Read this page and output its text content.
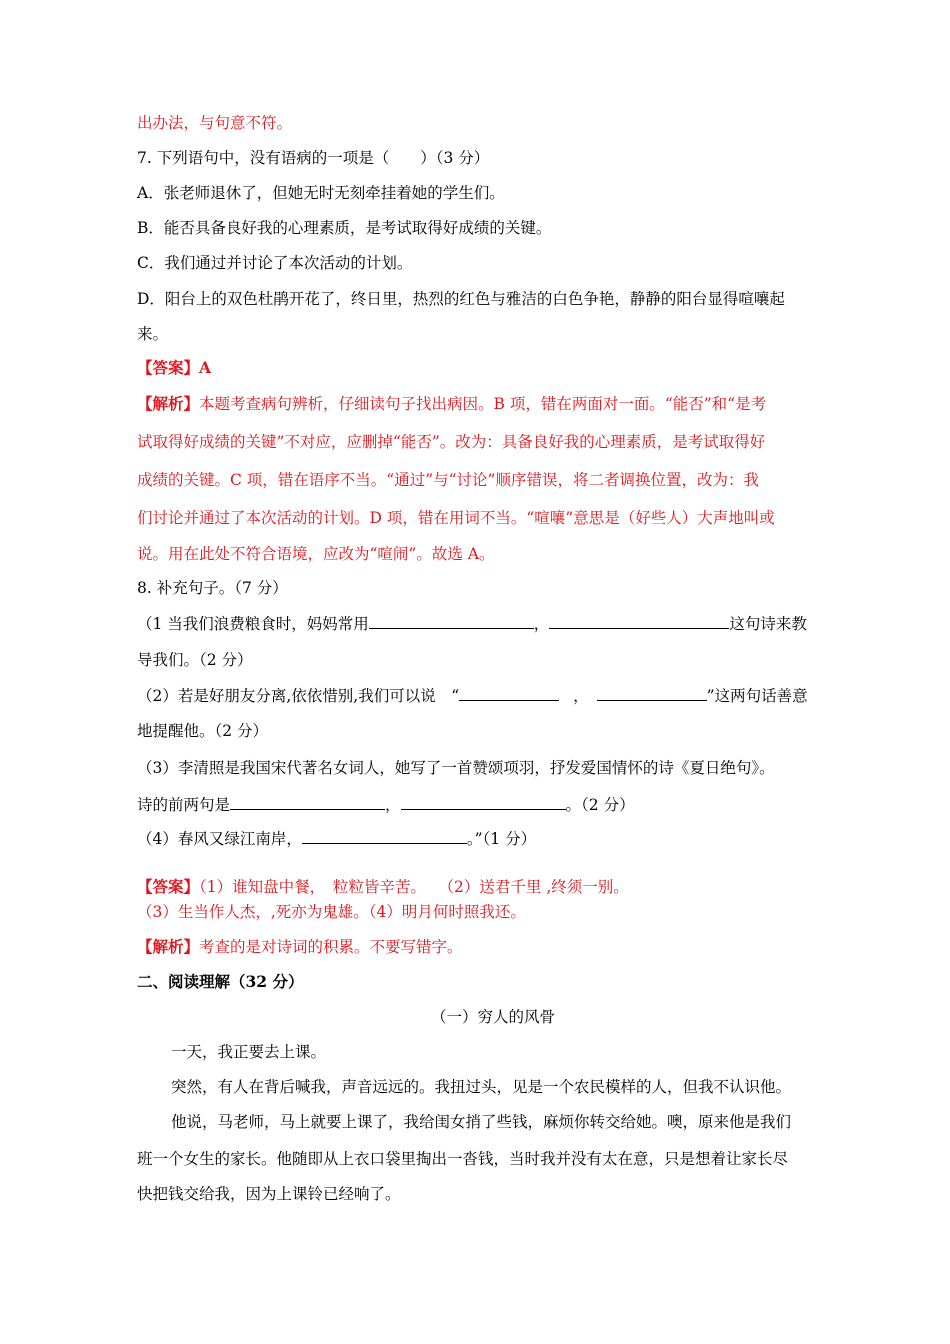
出办法，与句意不符。
7. 下列语句中，没有语病的一项是（　　）（3 分）
A．张老师退休了，但她无时无刻牵挂着她的学生们。
B．能否具备良好我的心理素质，是考试取得好成绩的关键。
C．我们通过并讨论了本次活动的计划。
D．阳台上的双色杜鹃开花了，终日里，热烈的红色与雅洁的白色争艳，静静的阳台显得喧嚷起
来。
【答案】A
【解析】本题考查病句辨析，仔细读句子找出病因。B 项，错在两面对一面。“能否”和“是考
试取得好成绩的关键”不对应，应删掉“能否”。改为：具备良好我的心理素质，是考试取得好
成绩的关键。C 项，错在语序不当。“通过”与“讨论”顺序错误，将二者调换位置，改为：我
们讨论并通过了本次活动的计划。D 项，错在用词不当。“喧嚷”意思是（好些人）大声地叫或
说。用在此处不符合语境，应改为“喧闹”。故选 A。
8. 补充句子。（7 分）
（1 当我们浪费粮食时，妈妈常用	，	这句诗来教
导我们。（2 分）
（2）若是好朋友分离,依依惜别,我们可以说　“	，	”这两句话善意
地提醒他。（2 分）
（3）李清照是我国宋代著名女词人，她写了一首赞颂项羽，抒发爱国情怀的诗《夏日绝句》。
诗的前两句是	，	。（2 分）
（4）春风又绿江南岸，	。”（1 分）
【答案】（1）谁知盘中餐，　粒粒皆辛苦。　 （2）送君千里 ,终须一别。
（3）生当作人杰，,死亦为鬼雄。（4）明月何时照我还。
【解析】考查的是对诗词的积累。不要写错字。
二、阅读理解（32 分）
（一）穷人的风骨
一天，我正要去上课。
突然，有人在背后喊我，声音远远的。我扭过头，见是一个农民模样的人，但我不认识他。
他说，马老师，马上就要上课了，我给闺女捎了些钱，麻烦你转交给她。噢，原来他是我们
班一个女生的家长。他随即从上衣口袋里掏出一沓钱，当时我并没有太在意，只是想着让家长尽
快把钱交给我，因为上课铃已经响了。
